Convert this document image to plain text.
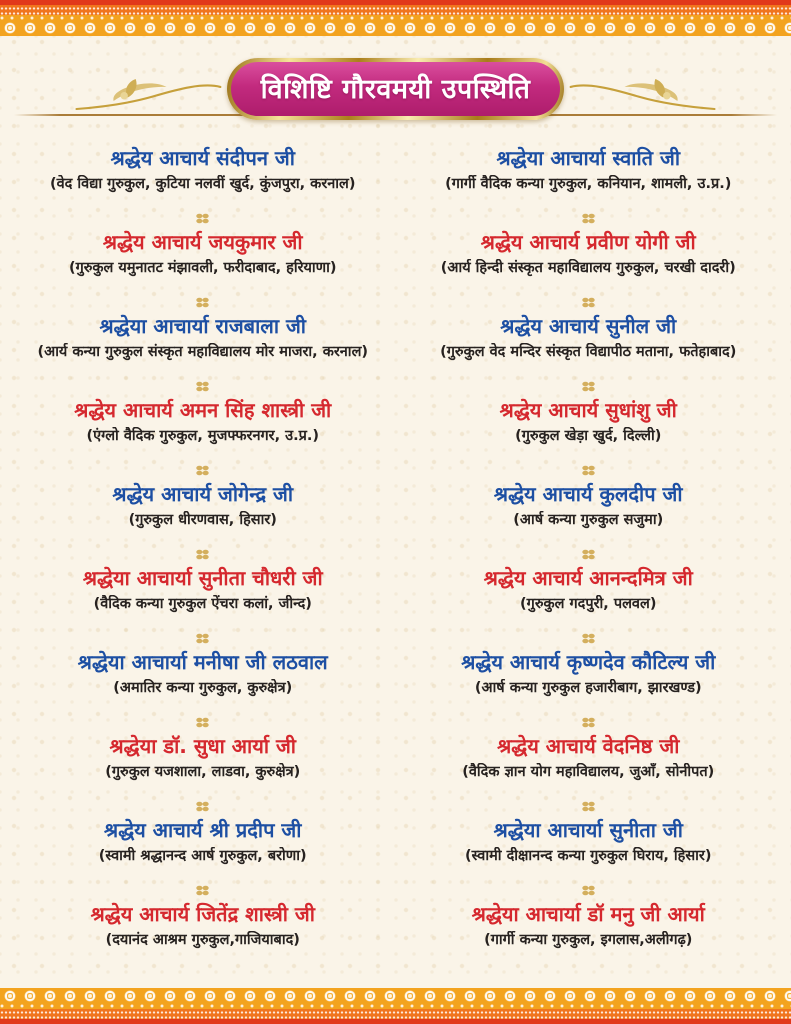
विशिष्टि गौरवमयी उपस्थिति
श्रद्धेय आचार्य संदीपन जी
(वेद विद्या गुरुकुल, कुटिया नलवीं खुर्द, कुंजपुरा, करनाल)
श्रद्धेय आचार्य जयकुमार जी
(गुरुकुल यमुनातट मंझावली, फरीदाबाद, हरियाणा)
श्रद्धेया आचार्या राजबाला जी
(आर्य कन्या गुरुकुल संस्कृत महाविद्यालय मोर माजरा, करनाल)
श्रद्धेय आचार्य अमन सिंह शास्त्री जी
(एंग्लो वैदिक गुरुकुल, मुजफ्फरनगर, उ.प्र.)
श्रद्धेय आचार्य जोगेन्द्र जी
(गुरुकुल धीरणवास, हिसार)
श्रद्धेया आचार्या सुनीता चौधरी जी
(वैदिक कन्या गुरुकुल ऐंचरा कलां, जीन्द)
श्रद्धेया आचार्या मनीषा जी लठवाल
(अमातिर कन्या गुरुकुल, कुरुक्षेत्र)
श्रद्धेया डॉ. सुधा आर्या जी
(गुरुकुल यजशाला, लाडवा, कुरुक्षेत्र)
श्रद्धेय आचार्य श्री प्रदीप जी
(स्वामी श्रद्धानन्द आर्ष गुरुकुल, बरोणा)
श्रद्धेय आचार्य जितेंद्र शास्त्री जी
(दयानंद आश्रम गुरुकुल,गाजियाबाद)
श्रद्धेया आचार्या स्वाति जी
(गार्गी वैदिक कन्या गुरुकुल, कनियान, शामली, उ.प्र.)
श्रद्धेय आचार्य प्रवीण योगी जी
(आर्य हिन्दी संस्कृत महाविद्यालय गुरुकुल, चरखी दादरी)
श्रद्धेय आचार्य सुनील जी
(गुरुकुल वेद मन्दिर संस्कृत विद्यापीठ मताना, फतेहाबाद)
श्रद्धेय आचार्य सुधांशु जी
(गुरुकुल खेड़ा खुर्द, दिल्ली)
श्रद्धेय आचार्य कुलदीप जी
(आर्ष कन्या गुरुकुल सजुमा)
श्रद्धेय आचार्य आनन्दमित्र जी
(गुरुकुल गदपुरी, पलवल)
श्रद्धेय आचार्य कृष्णदेव कौटिल्य जी
(आर्ष कन्या गुरुकुल हजारीबाग, झारखण्ड)
श्रद्धेय आचार्य वेदनिष्ठ जी
(वैदिक ज्ञान योग महाविद्यालय, जुआँ, सोनीपत)
श्रद्धेया आचार्या सुनीता जी
(स्वामी दीक्षानन्द कन्या गुरुकुल घिराय, हिसार)
श्रद्धेया आचार्या डॉ मनु जी आर्या
(गार्गी कन्या गुरुकुल, इगलास,अलीगढ़)
